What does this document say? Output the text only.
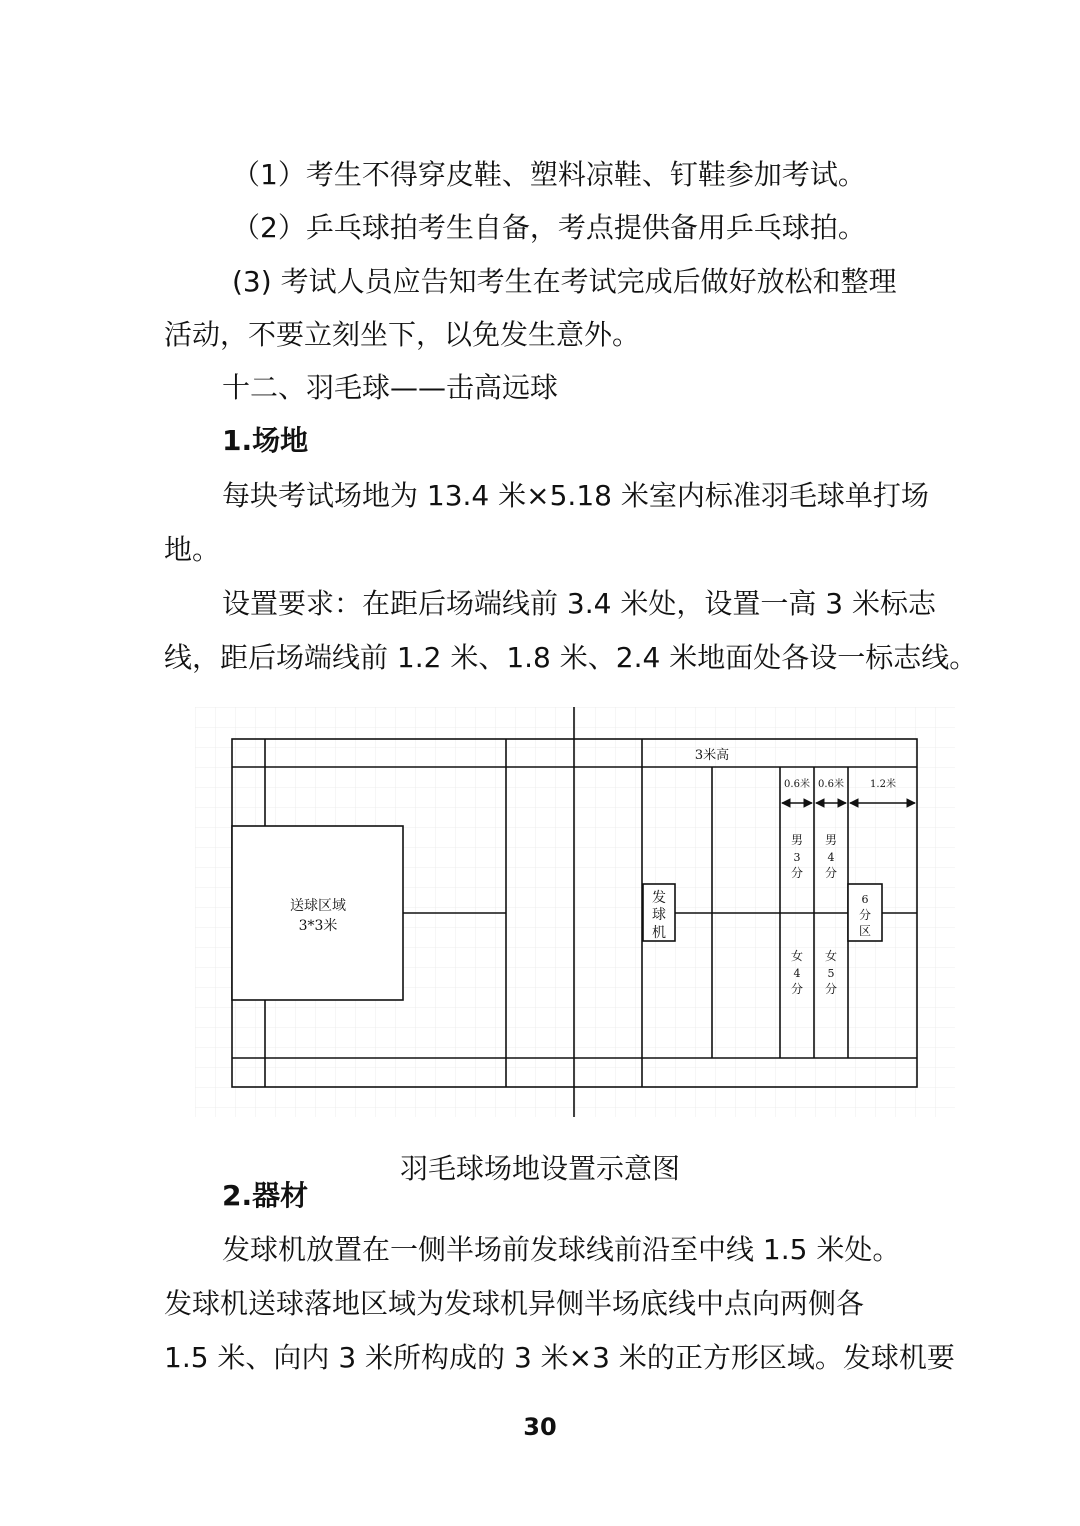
（1）考生不得穿皮鞋、塑料凉鞋、钉鞋参加考试。

（2）乒乓球拍考生自备，考点提供备用乒乓球拍。

(3) 考试人员应告知考生在考试完成后做好放松和整理

活动，不要立刻坐下，以免发生意外。

十二、羽毛球——击高远球

1.场地

每块考试场地为 13.4 米×5.18 米室内标准羽毛球单打场

地。

设置要求：在距后场端线前 3.4 米处，设置一高 3 米标志

线，距后场端线前 1.2 米、1.8 米、2.4 米地面处各设一标志线。

送球区域
3*3米
3米高
0.6米 0.6米	1.2米
男
3
分
男
4
分
女
4
分
女
5
分
6
分
区
发
球
机

羽毛球场地设置示意图

2.器材

发球机放置在一侧半场前发球线前沿至中线 1.5 米处。

发球机送球落地区域为发球机异侧半场底线中点向两侧各

1.5 米、向内 3 米所构成的 3 米×3 米的正方形区域。发球机要

30
